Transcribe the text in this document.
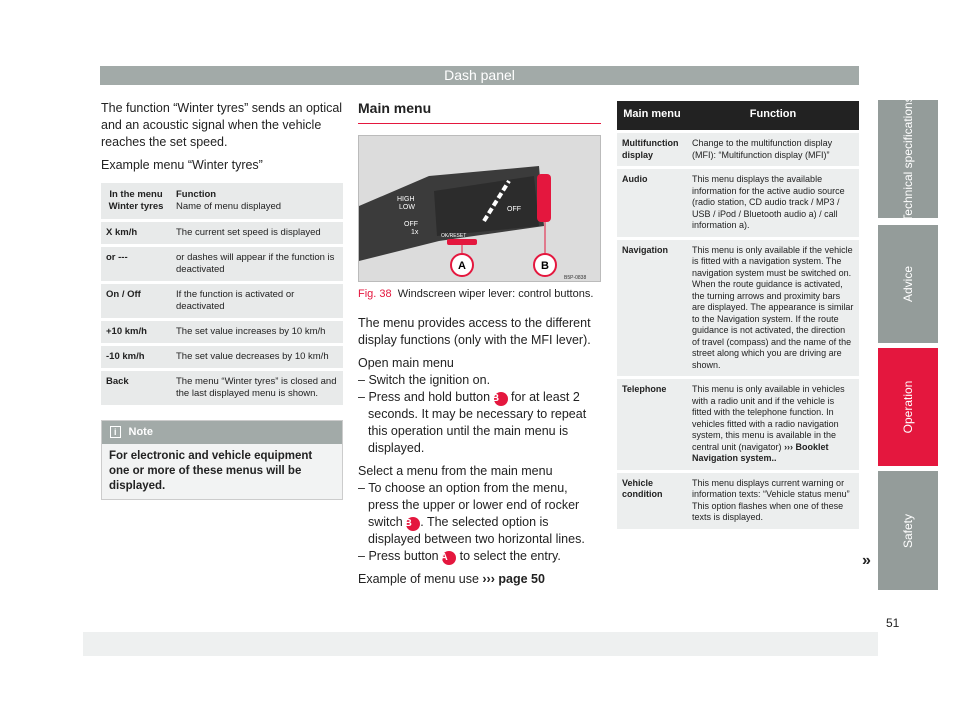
Dash panel

The function “Winter tyres” sends an optical and an acoustic signal when the vehicle reaches the set speed.

Example menu “Winter tyres”

In the menu Winter tyres	Function
Name of menu displayed
X km/h	The current set speed is displayed
or ---	or dashes will appear if the function is deactivated
On / Off	If the function is activated or deactivated
+10 km/h	The set value increases by 10 km/h
-10 km/h	The set value decreases by 10 km/h
Back	The menu “Winter tyres” is closed and the last displayed menu is shown.
i Note
For electronic and vehicle equipment one or more of these menus will be displayed.
Main menu
HIGH
LOW
OFF
1x
OFF
OK/RESET
A	B
B5P-0838
Fig. 38 Windscreen wiper lever: control buttons.

The menu provides access to the different display functions (only with the MFI lever).

Open main menu
– Switch the ignition on.
– Press and hold button B for at least 2 seconds. It may be necessary to repeat this operation until the main menu is displayed.
Select a menu from the main menu
– To choose an option from the menu, press the upper or lower end of rocker switch B . The selected option is displayed between two horizontal lines.
– Press button A to select the entry.
Example of menu use ››› page 50
Main menu	Function
Multifunction display	Change to the multifunction display (MFI): “Multifunction display (MFI)”
Audio	This menu displays the available information for the active audio source (radio station, CD audio track / MP3 / USB / iPod / Bluetooth audio a) / call information a).
Navigation	This menu is only available if the vehicle is fitted with a navigation system. The navigation system must be switched on. When the route guidance is activated, the turning arrows and proximity bars are displayed. The appearance is similar to the Navigation system. If the route guidance is not activated, the direction of travel (compass) and the name of the street along which you are driving are shown.
Telephone	This menu is only available in vehicles with a radio unit and if the vehicle is fitted with the telephone function. In vehicles fitted with a radio navigation system, this menu is available in the central unit (navigator) ››› Booklet Navigation system..
Vehicle condition	This menu displays current warning or information texts: “Vehicle status menu” This option flashes when one of these texts is displayed.
»
Technical specifications
Advice
Operation
Safety
51
